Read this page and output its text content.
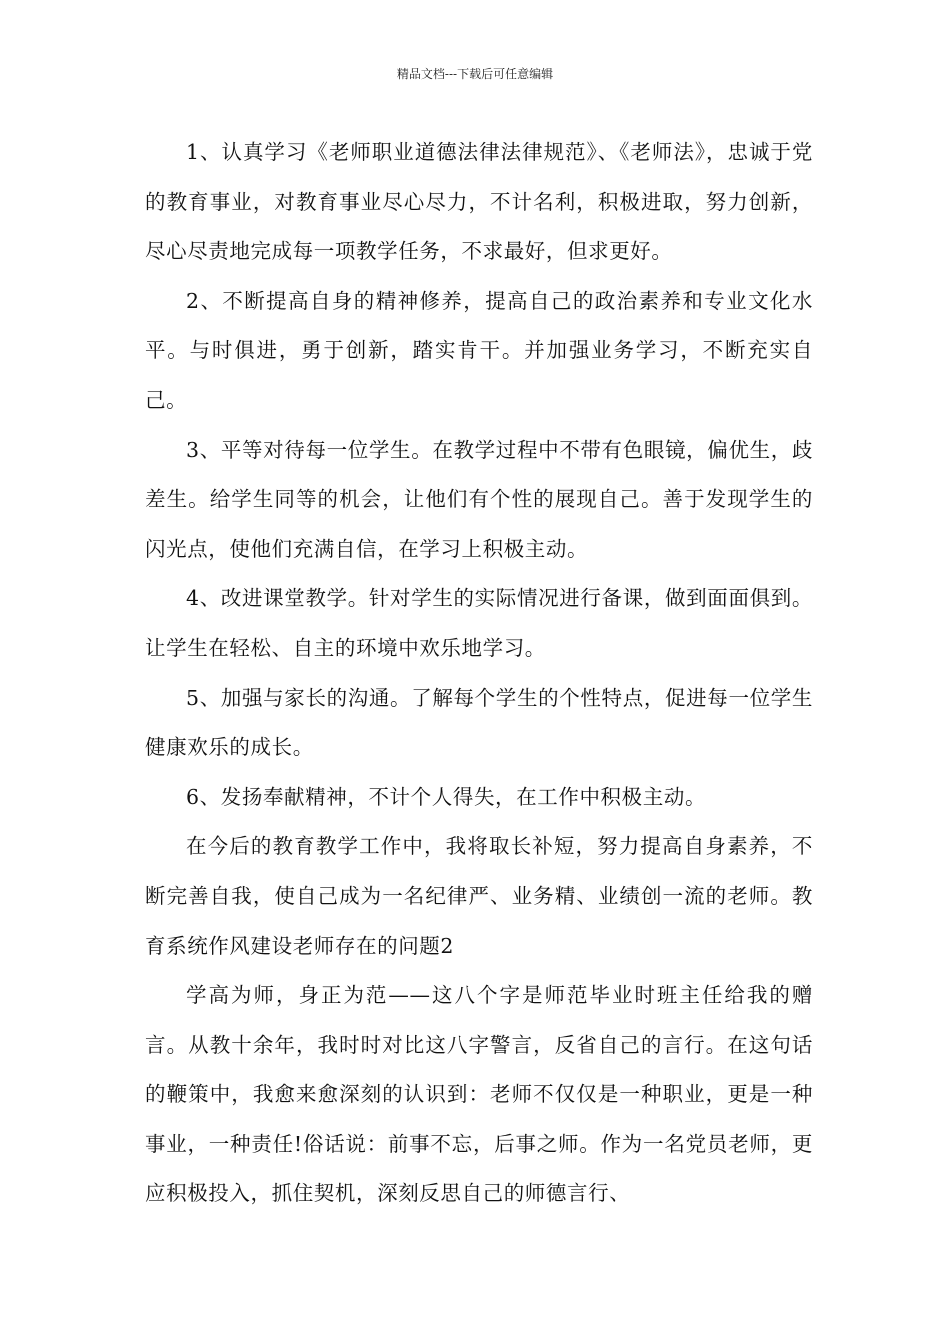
精品文档---下载后可任意编辑

1、认真学习《老师职业道德法律法律规范》、《老师法》，忠诚于党的教育事业，对教育事业尽心尽力，不计名利，积极进取，努力创新，尽心尽责地完成每一项教学任务，不求最好，但求更好。

2、不断提高自身的精神修养，提高自己的政治素养和专业文化水平。与时俱进，勇于创新，踏实肯干。并加强业务学习，不断充实自己。

3、平等对待每一位学生。在教学过程中不带有色眼镜，偏优生，歧差生。给学生同等的机会，让他们有个性的展现自己。善于发现学生的闪光点，使他们充满自信，在学习上积极主动。

4、改进课堂教学。针对学生的实际情况进行备课，做到面面俱到。让学生在轻松、自主的环境中欢乐地学习。

5、加强与家长的沟通。了解每个学生的个性特点，促进每一位学生健康欢乐的成长。

6、发扬奉献精神，不计个人得失，在工作中积极主动。

在今后的教育教学工作中，我将取长补短，努力提高自身素养，不断完善自我，使自己成为一名纪律严、业务精、业绩创一流的老师。教育系统作风建设老师存在的问题2

学高为师，身正为范——这八个字是师范毕业时班主任给我的赠言。从教十余年，我时时对比这八字警言，反省自己的言行。在这句话的鞭策中，我愈来愈深刻的认识到：老师不仅仅是一种职业，更是一种事业，一种责任!俗话说：前事不忘，后事之师。作为一名党员老师，更应积极投入，抓住契机，深刻反思自己的师德言行、
